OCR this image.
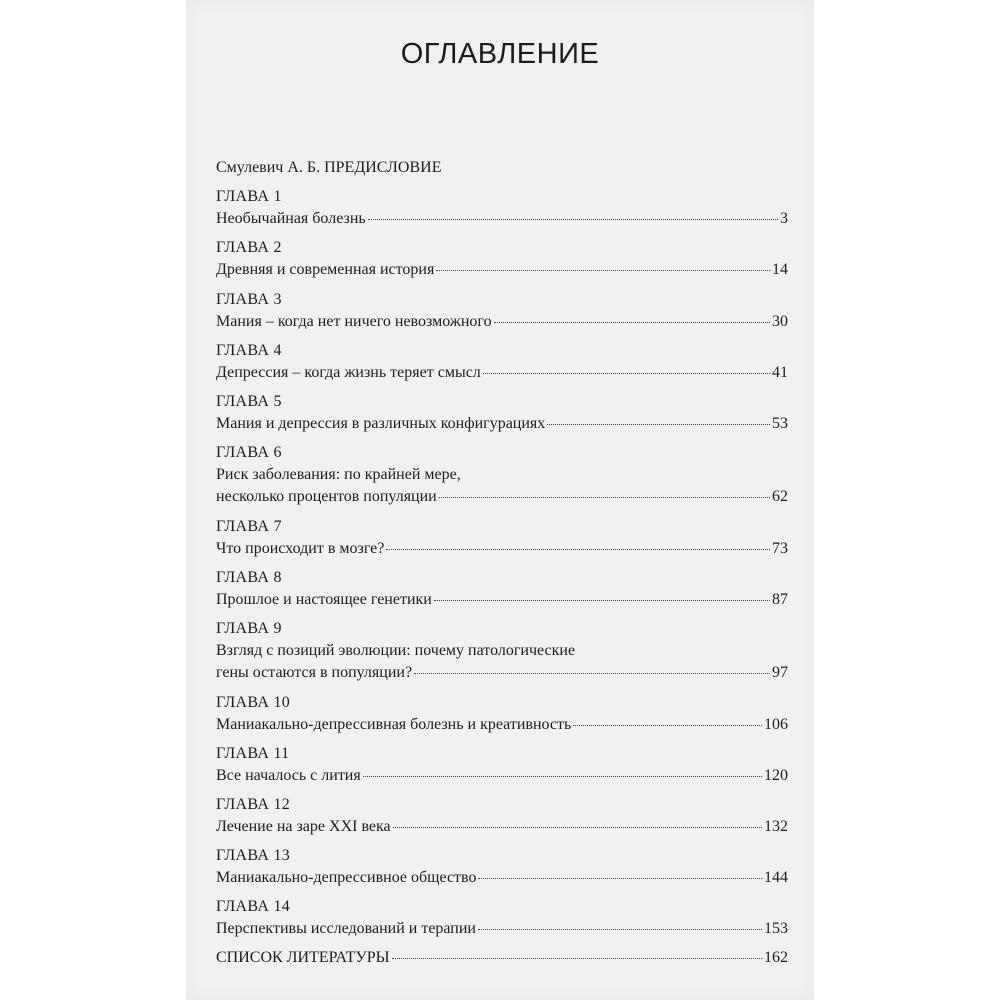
ОГЛАВЛЕНИЕ
Смулевич А. Б. ПРЕДИСЛОВИЕ
ГЛАВА 1
Необычайная болезнь	3
ГЛАВА 2
Древняя и современная история	14
ГЛАВА 3
Мания – когда нет ничего невозможного	30
ГЛАВА 4
Депрессия – когда жизнь теряет смысл	41
ГЛАВА 5
Мания и депрессия в различных конфигурациях	53
ГЛАВА 6
Риск заболевания: по крайней мере,
несколько процентов популяции	62
ГЛАВА 7
Что происходит в мозге?	73
ГЛАВА 8
Прошлое и настоящее генетики	87
ГЛАВА 9
Взгляд с позиций эволюции: почему патологические
гены остаются в популяции?	97
ГЛАВА 10
Маниакально-депрессивная болезнь и креативность	106
ГЛАВА 11
Все началось с лития	120
ГЛАВА 12
Лечение на заре XXI века	132
ГЛАВА 13
Маниакально-депрессивное общество	144
ГЛАВА 14
Перспективы исследований и терапии	153
СПИСОК ЛИТЕРАТУРЫ	162
